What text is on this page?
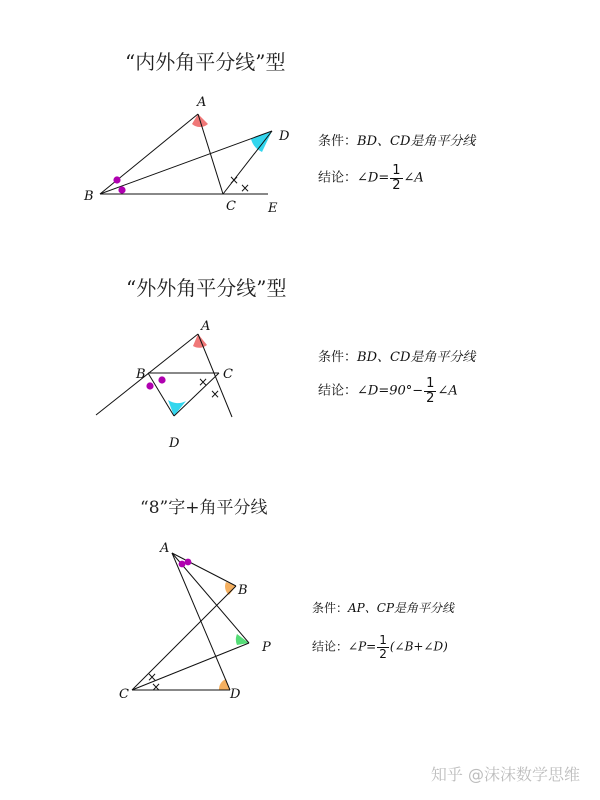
“内外角平分线”型
×
×
A
B
C
D
E
条件：BD、CD是角平分线
结论：∠D= $\frac{1}{2}$ ∠A
“外外角平分线”型
×
×
A
B	C
D
条件：BD、CD是角平分线
结论：∠D=90°− $\frac{1}{2}$ ∠A
“8”字+角平分线
×
×
A
B
C	D
P
条件：AP、CP是角平分线
结论：∠P= $\frac{1}{2}$ (∠B+∠D)
知乎 @沫沫数学思维
